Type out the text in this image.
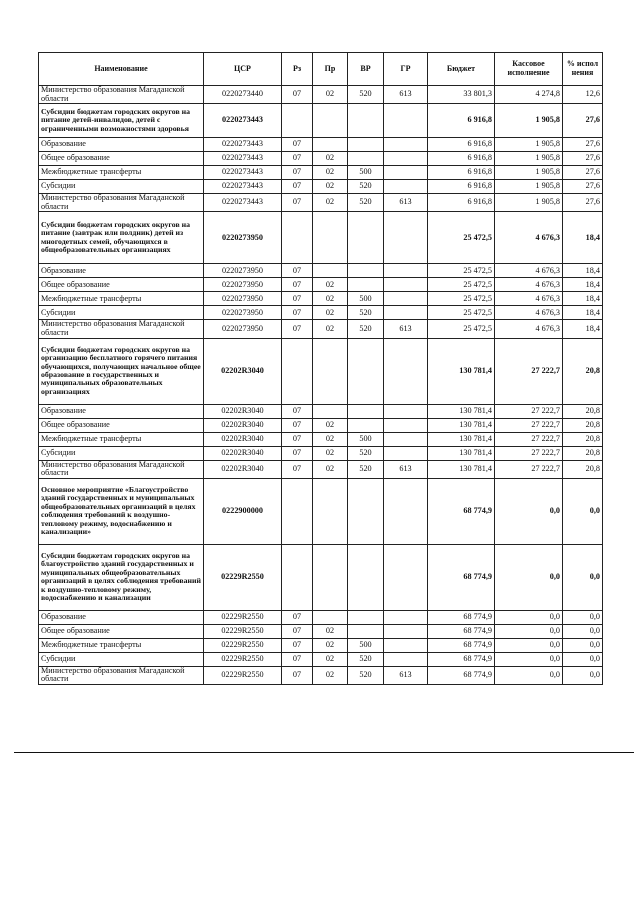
Наименование	ЦСР	Рз	Пр	ВР	ГР	Бюджет	Кассовое исполнение	% испол нения
Министерство образования Магаданской области	0220273440	07	02	520	613	33 801,3	4 274,8	12,6
Субсидии бюджетам городских округов на питание детей-инвалидов, детей с ограниченными возможностями здоровья	0220273443					6 916,8	1 905,8	27,6
Образование	0220273443	07				6 916,8	1 905,8	27,6
Общее образование	0220273443	07	02			6 916,8	1 905,8	27,6
Межбюджетные трансферты	0220273443	07	02	500		6 916,8	1 905,8	27,6
Субсидии	0220273443	07	02	520		6 916,8	1 905,8	27,6
Министерство образования Магаданской области	0220273443	07	02	520	613	6 916,8	1 905,8	27,6
Субсидии бюджетам городских округов на питание (завтрак или полдник) детей из многодетных семей, обучающихся в общеобразовательных организациях	0220273950					25 472,5	4 676,3	18,4
Образование	0220273950	07				25 472,5	4 676,3	18,4
Общее образование	0220273950	07	02			25 472,5	4 676,3	18,4
Межбюджетные трансферты	0220273950	07	02	500		25 472,5	4 676,3	18,4
Субсидии	0220273950	07	02	520		25 472,5	4 676,3	18,4
Министерство образования Магаданской области	0220273950	07	02	520	613	25 472,5	4 676,3	18,4
Субсидии бюджетам городских округов на организацию бесплатного горячего питания обучающихся, получающих начальное общее образование в государственных и муниципальных образовательных организациях	02202R3040					130 781,4	27 222,7	20,8
Образование	02202R3040	07				130 781,4	27 222,7	20,8
Общее образование	02202R3040	07	02			130 781,4	27 222,7	20,8
Межбюджетные трансферты	02202R3040	07	02	500		130 781,4	27 222,7	20,8
Субсидии	02202R3040	07	02	520		130 781,4	27 222,7	20,8
Министерство образования Магаданской области	02202R3040	07	02	520	613	130 781,4	27 222,7	20,8
Основное мероприятие «Благоустройство зданий государственных и муниципальных общеобразовательных организаций в целях соблюдения требований к воздушно-тепловому режиму, водоснабжению и канализации»	0222900000					68 774,9	0,0	0,0
Субсидии бюджетам городских округов на благоустройство зданий государственных и муниципальных общеобразовательных организаций в целях соблюдения требований к воздушно-тепловому режиму, водоснабжению и канализации	02229R2550					68 774,9	0,0	0,0
Образование	02229R2550	07				68 774,9	0,0	0,0
Общее образование	02229R2550	07	02			68 774,9	0,0	0,0
Межбюджетные трансферты	02229R2550	07	02	500		68 774,9	0,0	0,0
Субсидии	02229R2550	07	02	520		68 774,9	0,0	0,0
Министерство образования Магаданской области	02229R2550	07	02	520	613	68 774,9	0,0	0,0
